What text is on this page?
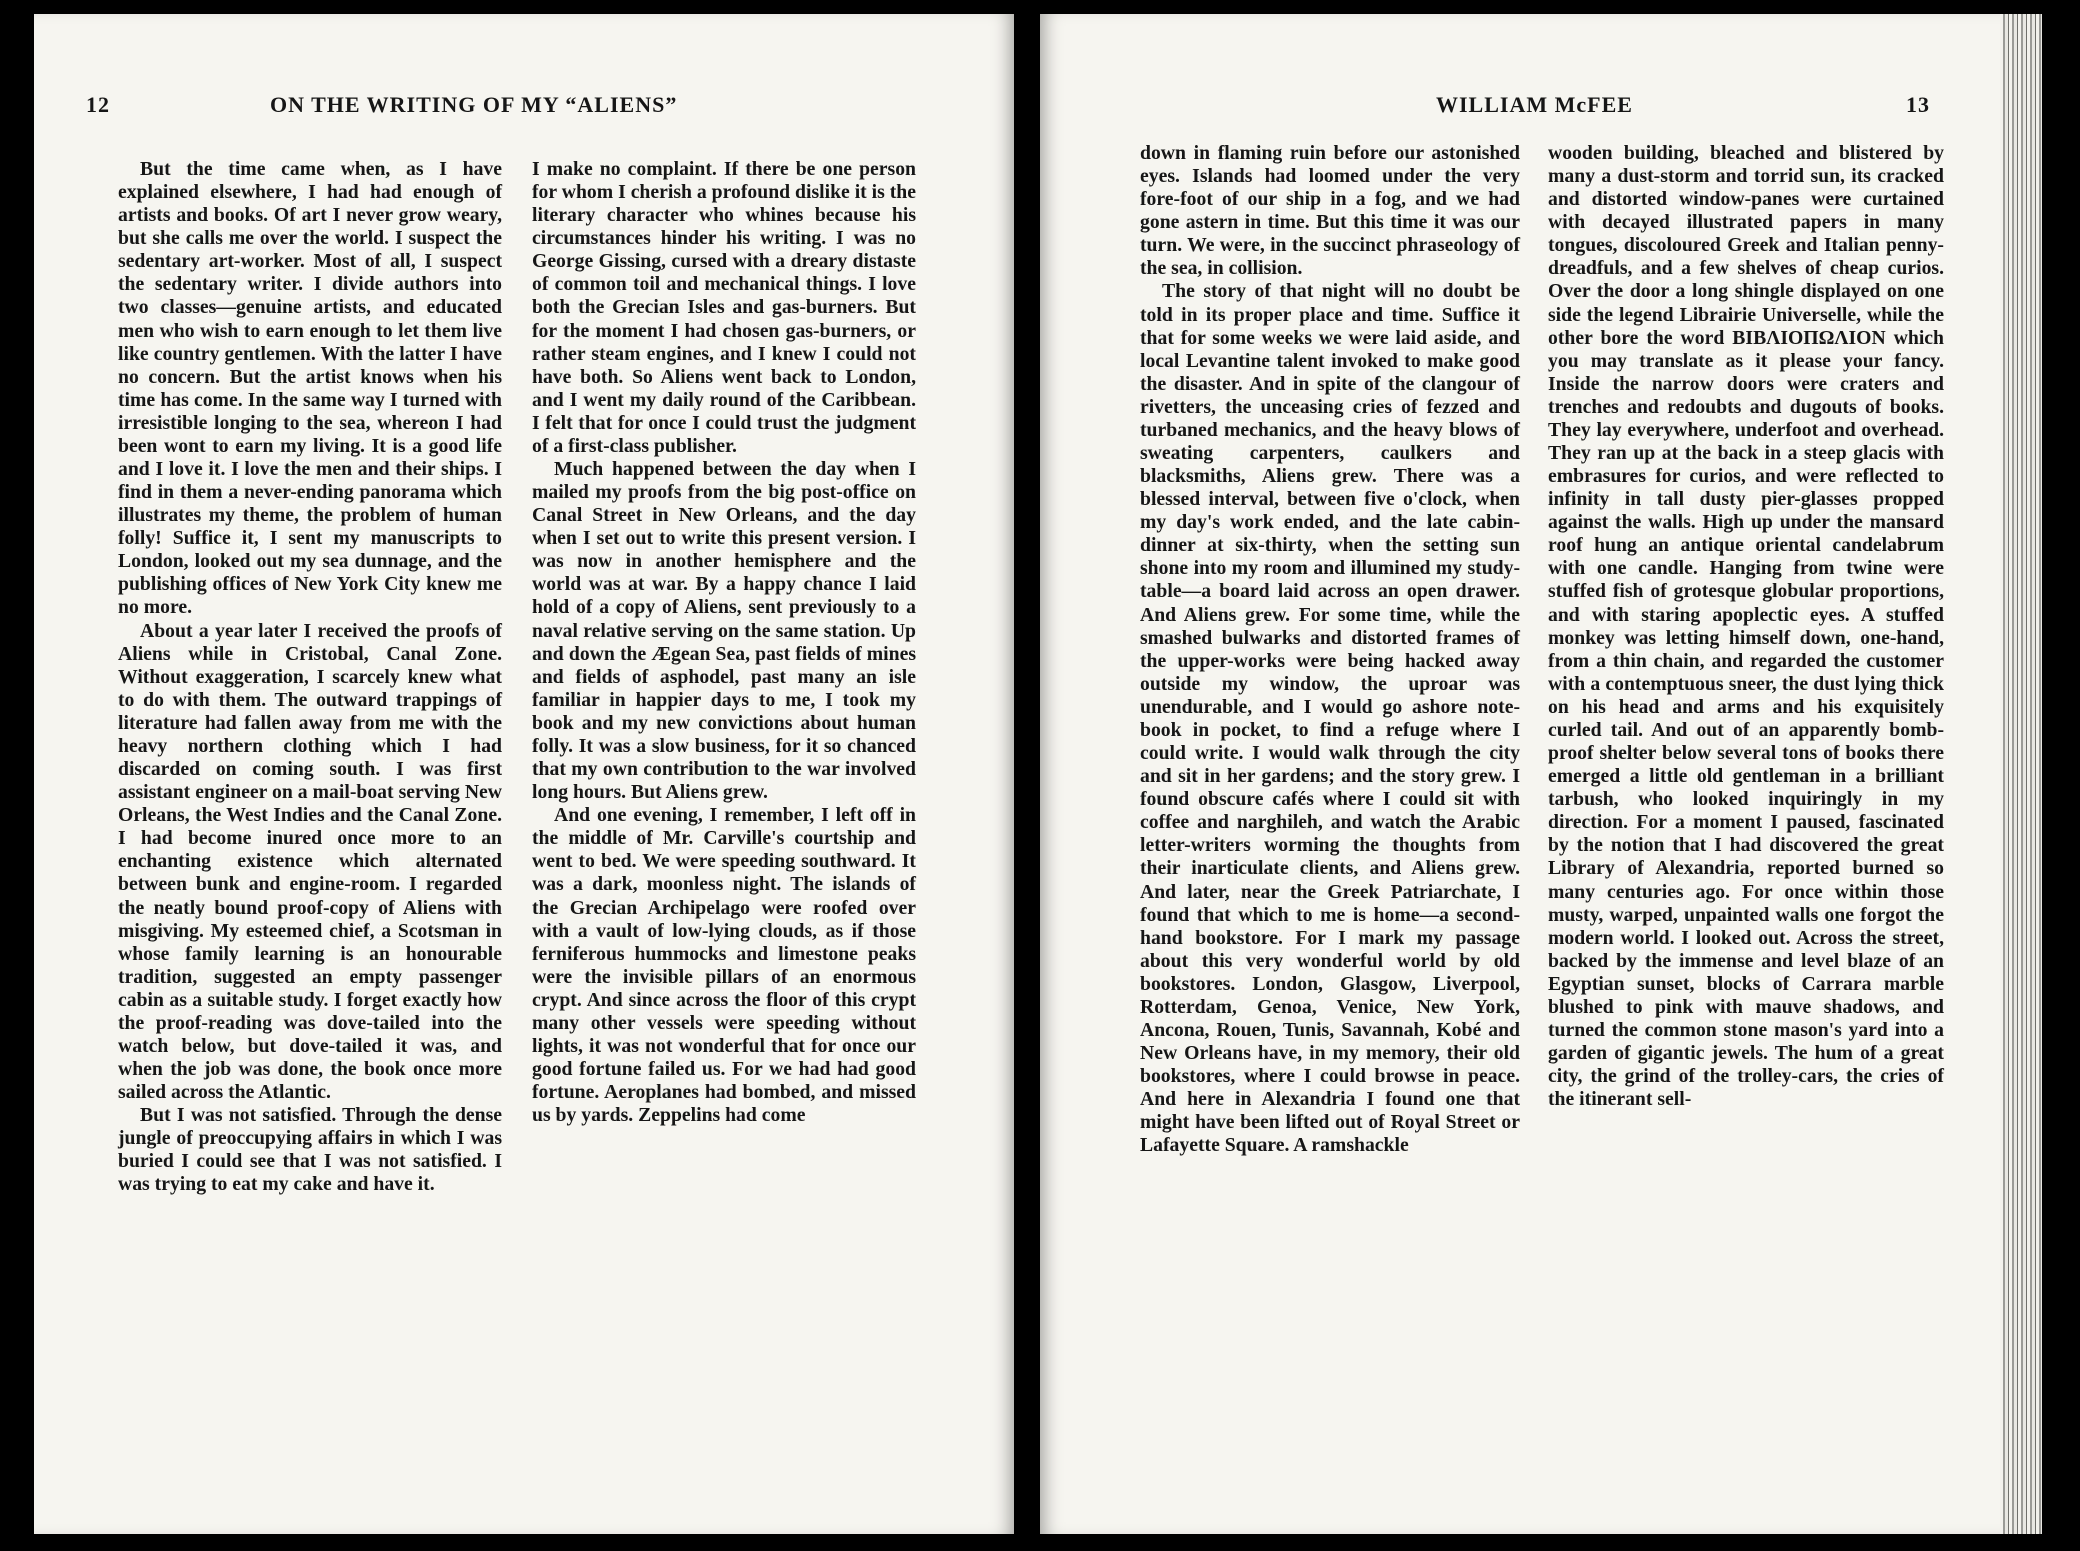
12	ON THE WRITING OF MY “ALIENS”	WILLIAM McFEE	13

But the time came when, as I have explained elsewhere, I had had enough of artists and books. Of art I never grow weary, but she calls me over the world. I suspect the sedentary art-worker. Most of all, I suspect the sedentary writer. I divide authors into two classes—genuine artists, and educated men who wish to earn enough to let them live like country gentlemen. With the latter I have no concern. But the artist knows when his time has come. In the same way I turned with irresistible longing to the sea, whereon I had been wont to earn my living. It is a good life and I love it. I love the men and their ships. I find in them a never-ending panorama which illustrates my theme, the problem of human folly! Suffice it, I sent my manuscripts to London, looked out my sea dunnage, and the publishing offices of New York City knew me no more.

About a year later I received the proofs of Aliens while in Cristobal, Canal Zone. Without exaggeration, I scarcely knew what to do with them. The outward trappings of literature had fallen away from me with the heavy northern clothing which I had discarded on coming south. I was first assistant engineer on a mail-boat serving New Orleans, the West Indies and the Canal Zone. I had become inured once more to an enchanting existence which alternated between bunk and engine-room. I regarded the neatly bound proof-copy of Aliens with misgiving. My esteemed chief, a Scotsman in whose family learning is an honourable tradition, suggested an empty passenger cabin as a suitable study. I forget exactly how the proof-reading was dove-tailed into the watch below, but dove-tailed it was, and when the job was done, the book once more sailed across the Atlantic.

But I was not satisfied. Through the dense jungle of preoccupying affairs in which I was buried I could see that I was not satisfied. I was trying to eat my cake and have it.

I make no complaint. If there be one person for whom I cherish a profound dislike it is the literary character who whines because his circumstances hinder his writing. I was no George Gissing, cursed with a dreary distaste of common toil and mechanical things. I love both the Grecian Isles and gas-burners. But for the moment I had chosen gas-burners, or rather steam engines, and I knew I could not have both. So Aliens went back to London, and I went my daily round of the Caribbean. I felt that for once I could trust the judgment of a first-class publisher.

Much happened between the day when I mailed my proofs from the big post-office on Canal Street in New Orleans, and the day when I set out to write this present version. I was now in another hemisphere and the world was at war. By a happy chance I laid hold of a copy of Aliens, sent previously to a naval relative serving on the same station. Up and down the Ægean Sea, past fields of mines and fields of asphodel, past many an isle familiar in happier days to me, I took my book and my new convictions about human folly. It was a slow business, for it so chanced that my own contribution to the war involved long hours. But Aliens grew.

And one evening, I remember, I left off in the middle of Mr. Carville's courtship and went to bed. We were speeding southward. It was a dark, moonless night. The islands of the Grecian Archipelago were roofed over with a vault of low-lying clouds, as if those ferniferous hummocks and limestone peaks were the invisible pillars of an enormous crypt. And since across the floor of this crypt many other vessels were speeding without lights, it was not wonderful that for once our good fortune failed us. For we had had good fortune. Aeroplanes had bombed, and missed us by yards. Zeppelins had come

down in flaming ruin before our astonished eyes. Islands had loomed under the very fore-foot of our ship in a fog, and we had gone astern in time. But this time it was our turn. We were, in the succinct phraseology of the sea, in collision.

The story of that night will no doubt be told in its proper place and time. Suffice it that for some weeks we were laid aside, and local Levantine talent invoked to make good the disaster. And in spite of the clangour of rivetters, the unceasing cries of fezzed and turbaned mechanics, and the heavy blows of sweating carpenters, caulkers and blacksmiths, Aliens grew. There was a blessed interval, between five o'clock, when my day's work ended, and the late cabin-dinner at six-thirty, when the setting sun shone into my room and illumined my study-table—a board laid across an open drawer. And Aliens grew. For some time, while the smashed bulwarks and distorted frames of the upper-works were being hacked away outside my window, the uproar was unendurable, and I would go ashore note-book in pocket, to find a refuge where I could write. I would walk through the city and sit in her gardens; and the story grew. I found obscure cafés where I could sit with coffee and narghileh, and watch the Arabic letter-writers worming the thoughts from their inarticulate clients, and Aliens grew. And later, near the Greek Patriarchate, I found that which to me is home—a second-hand bookstore. For I mark my passage about this very wonderful world by old bookstores. London, Glasgow, Liverpool, Rotterdam, Genoa, Venice, New York, Ancona, Rouen, Tunis, Savannah, Kobé and New Orleans have, in my memory, their old bookstores, where I could browse in peace. And here in Alexandria I found one that might have been lifted out of Royal Street or Lafayette Square. A ramshackle

wooden building, bleached and blistered by many a dust-storm and torrid sun, its cracked and distorted window-panes were curtained with decayed illustrated papers in many tongues, discoloured Greek and Italian penny-dreadfuls, and a few shelves of cheap curios. Over the door a long shingle displayed on one side the legend Librairie Universelle, while the other bore the word ΒΙΒΛΙΟΠΩΛΙΟΝ which you may translate as it please your fancy. Inside the narrow doors were craters and trenches and redoubts and dugouts of books. They lay everywhere, underfoot and overhead. They ran up at the back in a steep glacis with embrasures for curios, and were reflected to infinity in tall dusty pier-glasses propped against the walls. High up under the mansard roof hung an antique oriental candelabrum with one candle. Hanging from twine were stuffed fish of grotesque globular proportions, and with staring apoplectic eyes. A stuffed monkey was letting himself down, one-hand, from a thin chain, and regarded the customer with a contemptuous sneer, the dust lying thick on his head and arms and his exquisitely curled tail. And out of an apparently bomb-proof shelter below several tons of books there emerged a little old gentleman in a brilliant tarbush, who looked inquiringly in my direction. For a moment I paused, fascinated by the notion that I had discovered the great Library of Alexandria, reported burned so many centuries ago. For once within those musty, warped, unpainted walls one forgot the modern world. I looked out. Across the street, backed by the immense and level blaze of an Egyptian sunset, blocks of Carrara marble blushed to pink with mauve shadows, and turned the common stone mason's yard into a garden of gigantic jewels. The hum of a great city, the grind of the trolley-cars, the cries of the itinerant sell-
